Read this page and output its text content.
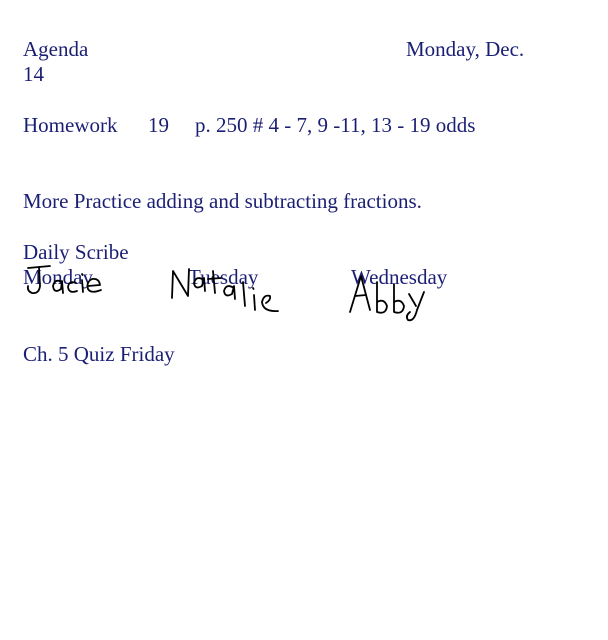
Agenda	Monday, Dec.

14

Homework 19 p. 250 # 4 - 7, 9 -11, 13 - 19 odds

More Practice adding and subtracting fractions.

Daily Scribe

Monday	Tuesday	Wednesday

Ch. 5 Quiz Friday
